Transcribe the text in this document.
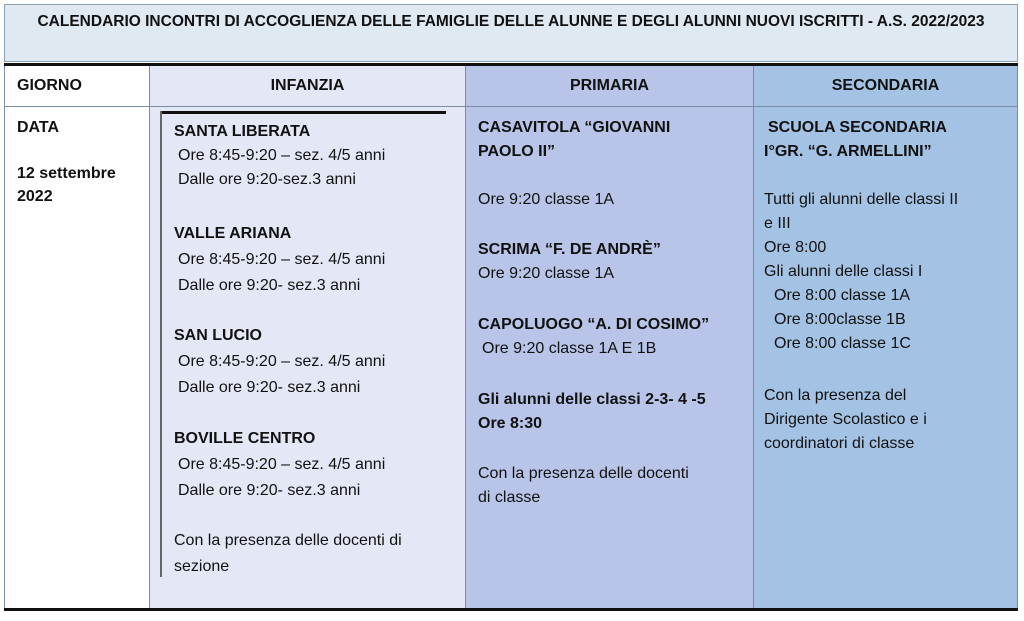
CALENDARIO INCONTRI DI ACCOGLIENZA DELLE FAMIGLIE DELLE ALUNNE E DEGLI ALUNNI NUOVI ISCRITTI - A.S. 2022/2023
GIORNO
DATA
12 settembre
2022
INFANZIA
SANTA LIBERATA
Ore 8:45-9:20 – sez. 4/5 anni
Dalle ore 9:20-sez.3 anni
VALLE ARIANA
Ore 8:45-9:20 – sez. 4/5 anni
Dalle ore 9:20- sez.3 anni
SAN LUCIO
Ore 8:45-9:20 – sez. 4/5 anni
Dalle ore 9:20- sez.3 anni
BOVILLE CENTRO
Ore 8:45-9:20 – sez. 4/5 anni
Dalle ore 9:20- sez.3 anni
Con la presenza delle docenti di
sezione
PRIMARIA
CASAVITOLA “GIOVANNI
PAOLO II”
Ore 9:20 classe 1A
SCRIMA “F. DE ANDRÈ”
Ore 9:20 classe 1A
CAPOLUOGO “A. DI COSIMO”
Ore 9:20 classe 1A E 1B
Gli alunni delle classi 2-3- 4 -5
Ore 8:30
Con la presenza delle docenti
di classe
SECONDARIA
SCUOLA SECONDARIA
I°GR. “G. ARMELLINI”
Tutti gli alunni delle classi II
e III
Ore 8:00
Gli alunni delle classi I
Ore 8:00 classe 1A
Ore 8:00classe 1B
Ore 8:00 classe 1C
Con la presenza del
Dirigente Scolastico e i
coordinatori di classe
